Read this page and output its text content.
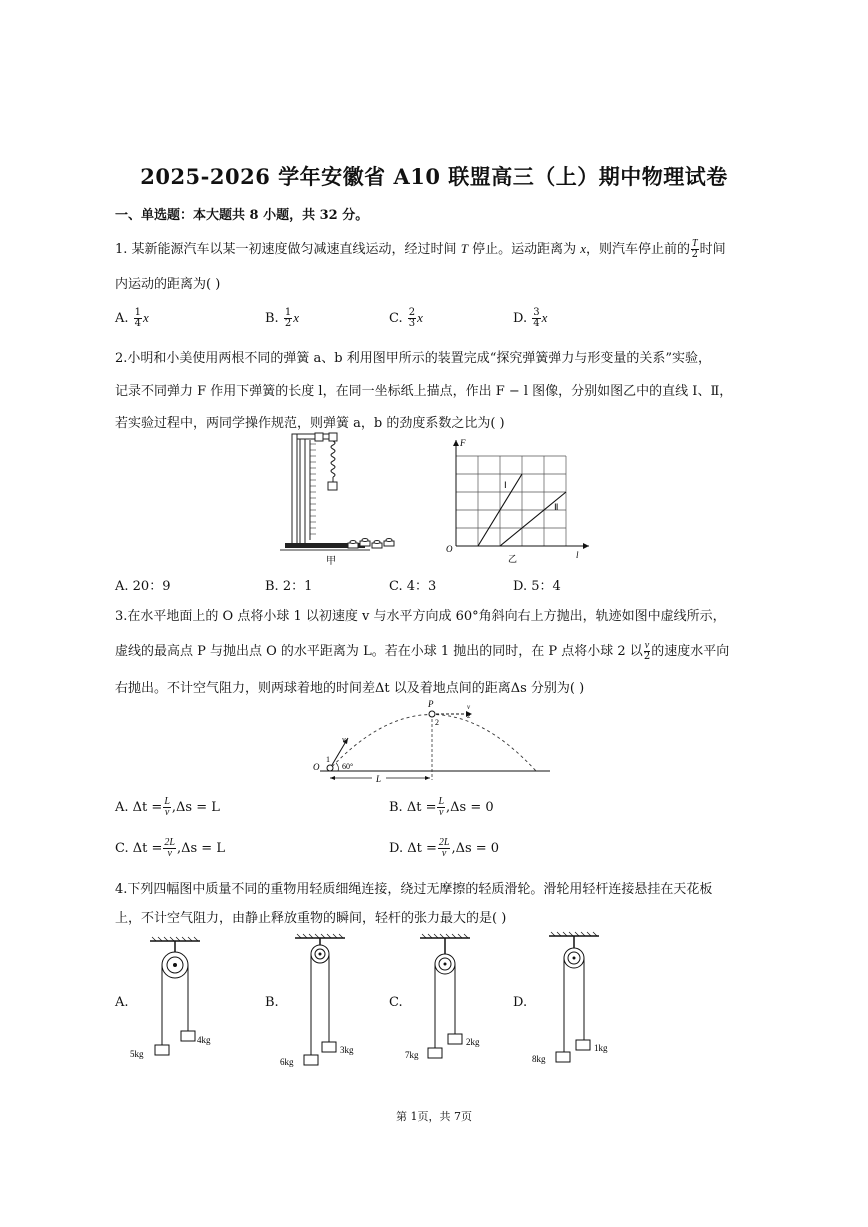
2025-2026 学年安徽省 A10 联盟高三（上）期中物理试卷
一、单选题：本大题共 8 小题，共 32 分。
1. 某新能源汽车以某一初速度做匀减速直线运动，经过时间 T 停止。运动距离为 x，则汽车停止前的 $\frac{T}{2}$ 时间
内运动的距离为( )
A. $\frac{1}{4}$ x	B. $\frac{1}{2}$ x	C. $\frac{2}{3}$ x	D. $\frac{3}{4}$ x
2.小明和小美使用两根不同的弹簧 a、b 利用图甲所示的装置完成“探究弹簧弹力与形变量的关系”实验，
记录不同弹力 F 作用下弹簧的长度 l，在同一坐标纸上描点，作出 F − l 图像，分别如图乙中的直线 Ⅰ、Ⅱ，
若实验过程中，两同学操作规范，则弹簧 a，b 的劲度系数之比为( )
甲
Ⅰ
Ⅱ
F
O
l
乙
A. 20：9	B. 2：1	C. 4：3	D. 5：4
3.在水平地面上的 O 点将小球 1 以初速度 v 与水平方向成 60°角斜向右上方抛出，轨迹如图中虚线所示，
虚线的最高点 P 与抛出点 O 的水平距离为 L。若在小球 1 抛出的同时，在 P 点将小球 2 以 $\frac{v}{2}$ 的速度水平向
右抛出。不计空气阻力，则两球着地的时间差Δt 以及着地点间的距离Δs 分别为( )
O
1
60°
v
P
2
v
2
L
A. $\Delta t = \frac{L}{v} ,\Delta s = L$	B. $\Delta t = \frac{L}{v} ,\Delta s = 0$
C. $\Delta t = \frac{2L}{v} ,\Delta s = L$	D. $\Delta t = \frac{2L}{v} ,\Delta s = 0$
4.下列四幅图中质量不同的重物用轻质细绳连接，绕过无摩擦的轻质滑轮。滑轮用轻杆连接悬挂在天花板
上，不计空气阻力，由静止释放重物的瞬间，轻杆的张力最大的是( )
A.	B.	C.	D.
5kg
4kg
6kg
3kg	7kg
2kg
8kg
1kg
第 1页，共 7页
